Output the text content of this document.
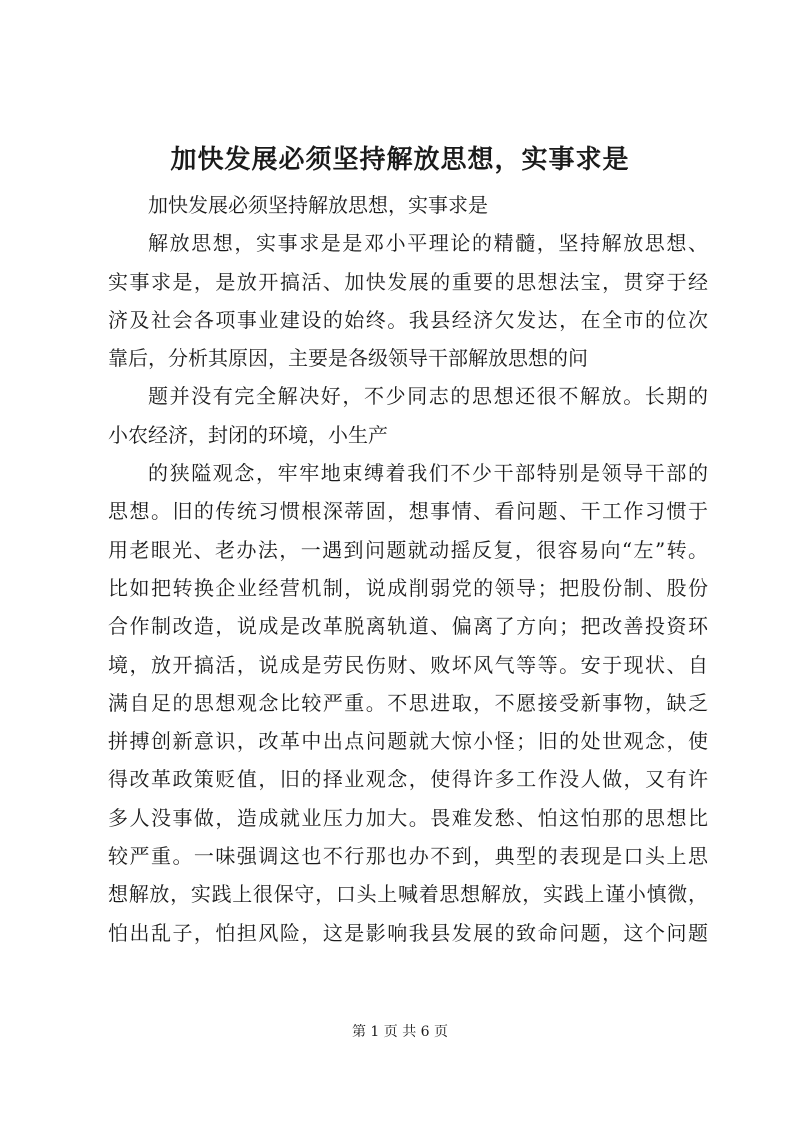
加快发展必须坚持解放思想，实事求是
加快发展必须坚持解放思想，实事求是
解放思想，实事求是是邓小平理论的精髓，坚持解放思想、
实事求是，是放开搞活、加快发展的重要的思想法宝，贯穿于经
济及社会各项事业建设的始终。我县经济欠发达，在全市的位次
靠后，分析其原因，主要是各级领导干部解放思想的问
题并没有完全解决好，不少同志的思想还很不解放。长期的
小农经济，封闭的环境，小生产
的狭隘观念，牢牢地束缚着我们不少干部特别是领导干部的
思想。旧的传统习惯根深蒂固，想事情、看问题、干工作习惯于
用老眼光、老办法，一遇到问题就动摇反复，很容易向“左”转。
比如把转换企业经营机制，说成削弱党的领导；把股份制、股份
合作制改造，说成是改革脱离轨道、偏离了方向；把改善投资环
境，放开搞活，说成是劳民伤财、败坏风气等等。安于现状、自
满自足的思想观念比较严重。不思进取，不愿接受新事物，缺乏
拼搏创新意识，改革中出点问题就大惊小怪；旧的处世观念，使
得改革政策贬值，旧的择业观念，使得许多工作没人做，又有许
多人没事做，造成就业压力加大。畏难发愁、怕这怕那的思想比
较严重。一味强调这也不行那也办不到，典型的表现是口头上思
想解放，实践上很保守，口头上喊着思想解放，实践上谨小慎微，
怕出乱子，怕担风险，这是影响我县发展的致命问题，这个问题
第 1 页 共 6 页
